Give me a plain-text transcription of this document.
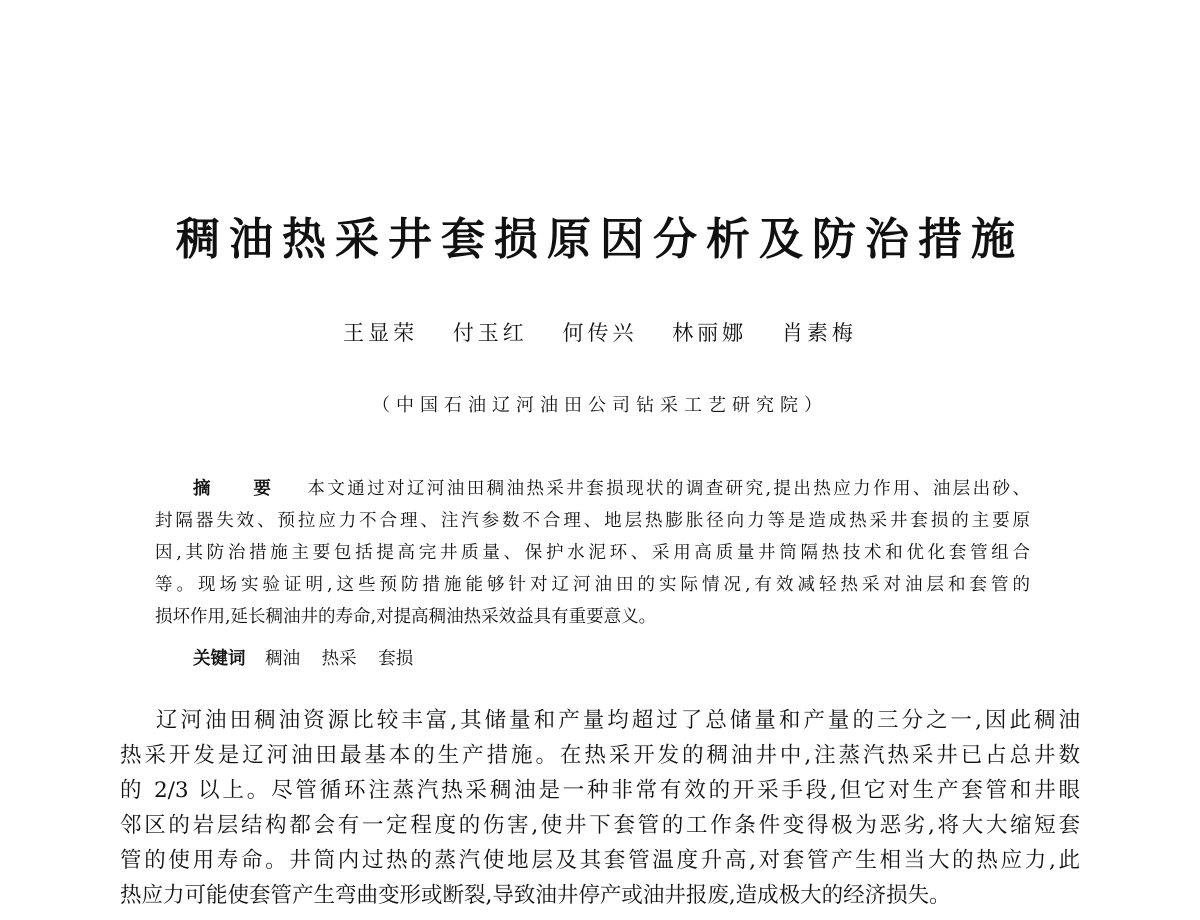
稠油热采井套损原因分析及防治措施
王显荣 付玉红 何传兴 林丽娜 肖素梅
（中国石油辽河油田公司钻采工艺研究院）
摘 要 本文通过对辽河油田稠油热采井套损现状的调查研究,提出热应力作用、油层出砂、
封隔器失效、预拉应力不合理、注汽参数不合理、地层热膨胀径向力等是造成热采井套损的主要原
因,其防治措施主要包括提高完井质量、保护水泥环、采用高质量井筒隔热技术和优化套管组合
等。现场实验证明,这些预防措施能够针对辽河油田的实际情况,有效减轻热采对油层和套管的
损坏作用,延长稠油井的寿命,对提高稠油热采效益具有重要意义。
关键词 稠油 热采 套损
辽河油田稠油资源比较丰富,其储量和产量均超过了总储量和产量的三分之一,因此稠油
热采开发是辽河油田最基本的生产措施。在热采开发的稠油井中,注蒸汽热采井已占总井数
的 2/3 以上。尽管循环注蒸汽热采稠油是一种非常有效的开采手段,但它对生产套管和井眼
邻区的岩层结构都会有一定程度的伤害,使井下套管的工作条件变得极为恶劣,将大大缩短套
管的使用寿命。井筒内过热的蒸汽使地层及其套管温度升高,对套管产生相当大的热应力,此
热应力可能使套管产生弯曲变形或断裂,导致油井停产或油井报废,造成极大的经济损失。
